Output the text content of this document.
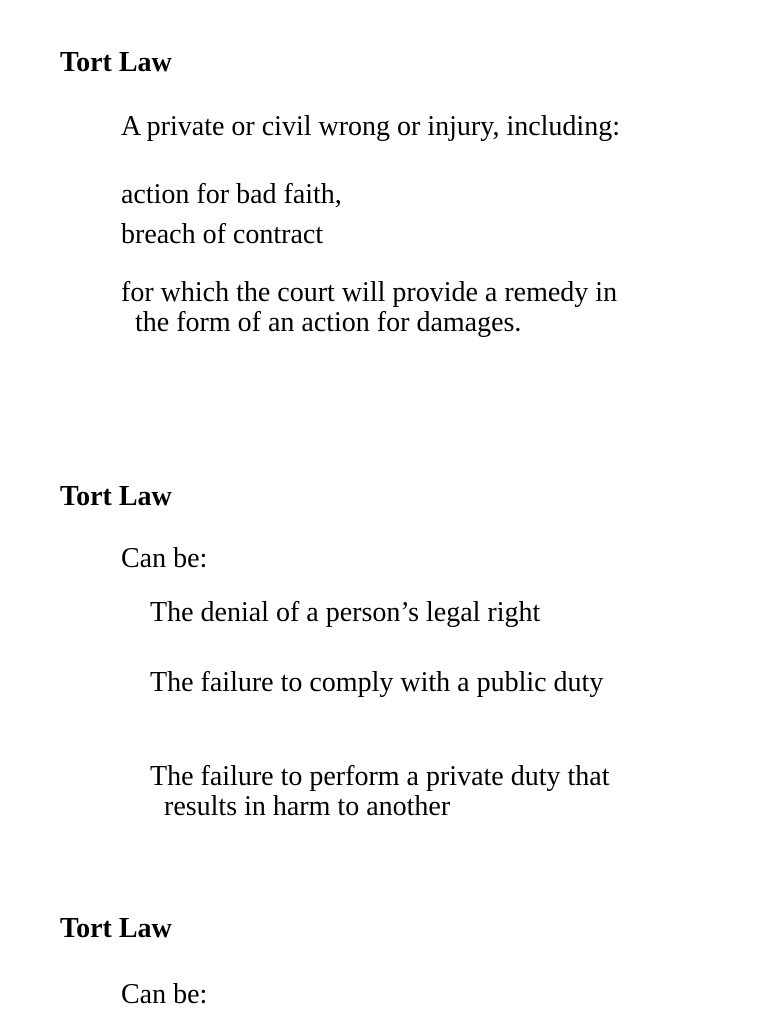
Tort Law

A private or civil wrong or injury, including:

action for bad faith,

breach of contract

for which the court will provide a remedy in the form of an action for damages.

Tort Law

Can be:

The denial of a person’s legal right

The failure to comply with a public duty

The failure to perform a private duty that results in harm to another

Tort Law

Can be:
